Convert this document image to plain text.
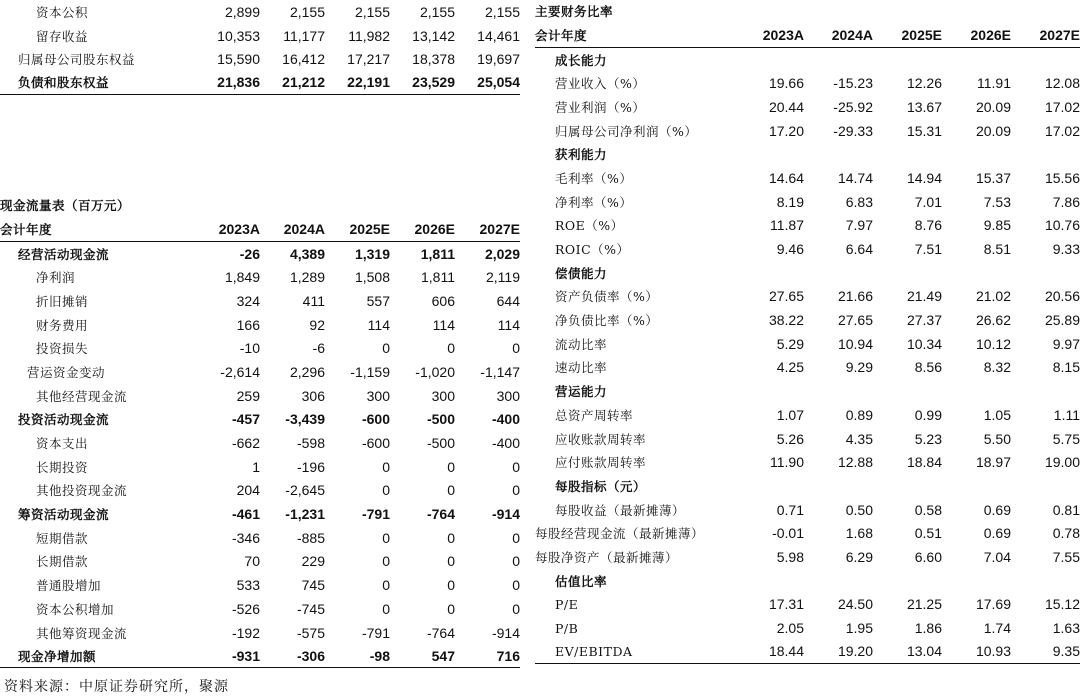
资本公积	2,899	2,155	2,155	2,155	2,155
留存收益	10,353	11,177	11,982	13,142	14,461
归属母公司股东权益	15,590	16,412	17,217	18,378	19,697
负债和股东权益	21,836	21,212	22,191	23,529	25,054
现金流量表（百万元）
会计年度	2023A	2024A	2025E	2026E	2027E
经营活动现金流	-26	4,389	1,319	1,811	2,029
净利润	1,849	1,289	1,508	1,811	2,119
折旧摊销	324	411	557	606	644
财务费用	166	92	114	114	114
投资损失	-10	-6	0	0	0
营运资金变动	-2,614	2,296	-1,159	-1,020	-1,147
其他经营现金流	259	306	300	300	300
投资活动现金流	-457	-3,439	-600	-500	-400
资本支出	-662	-598	-600	-500	-400
长期投资	1	-196	0	0	0
其他投资现金流	204	-2,645	0	0	0
筹资活动现金流	-461	-1,231	-791	-764	-914
短期借款	-346	-885	0	0	0
长期借款	70	229	0	0	0
普通股增加	533	745	0	0	0
资本公积增加	-526	-745	0	0	0
其他筹资现金流	-192	-575	-791	-764	-914
现金净增加额	-931	-306	-98	547	716
主要财务比率
会计年度	2023A	2024A	2025E	2026E	2027E
成长能力
营业收入（%）	19.66	-15.23	12.26	11.91	12.08
营业利润（%）	20.44	-25.92	13.67	20.09	17.02
归属母公司净利润（%）	17.20	-29.33	15.31	20.09	17.02
获利能力
毛利率（%）	14.64	14.74	14.94	15.37	15.56
净利率（%）	8.19	6.83	7.01	7.53	7.86
ROE（%）	11.87	7.97	8.76	9.85	10.76
ROIC（%）	9.46	6.64	7.51	8.51	9.33
偿债能力
资产负债率（%）	27.65	21.66	21.49	21.02	20.56
净负债比率（%）	38.22	27.65	27.37	26.62	25.89
流动比率	5.29	10.94	10.34	10.12	9.97
速动比率	4.25	9.29	8.56	8.32	8.15
营运能力
总资产周转率	1.07	0.89	0.99	1.05	1.11
应收账款周转率	5.26	4.35	5.23	5.50	5.75
应付账款周转率	11.90	12.88	18.84	18.97	19.00
每股指标（元）
每股收益（最新摊薄）	0.71	0.50	0.58	0.69	0.81
每股经营现金流（最新摊薄）	-0.01	1.68	0.51	0.69	0.78
每股净资产（最新摊薄）	5.98	6.29	6.60	7.04	7.55
估值比率
P/E	17.31	24.50	21.25	17.69	15.12
P/B	2.05	1.95	1.86	1.74	1.63
EV/EBITDA	18.44	19.20	13.04	10.93	9.35
资料来源：中原证券研究所，聚源
